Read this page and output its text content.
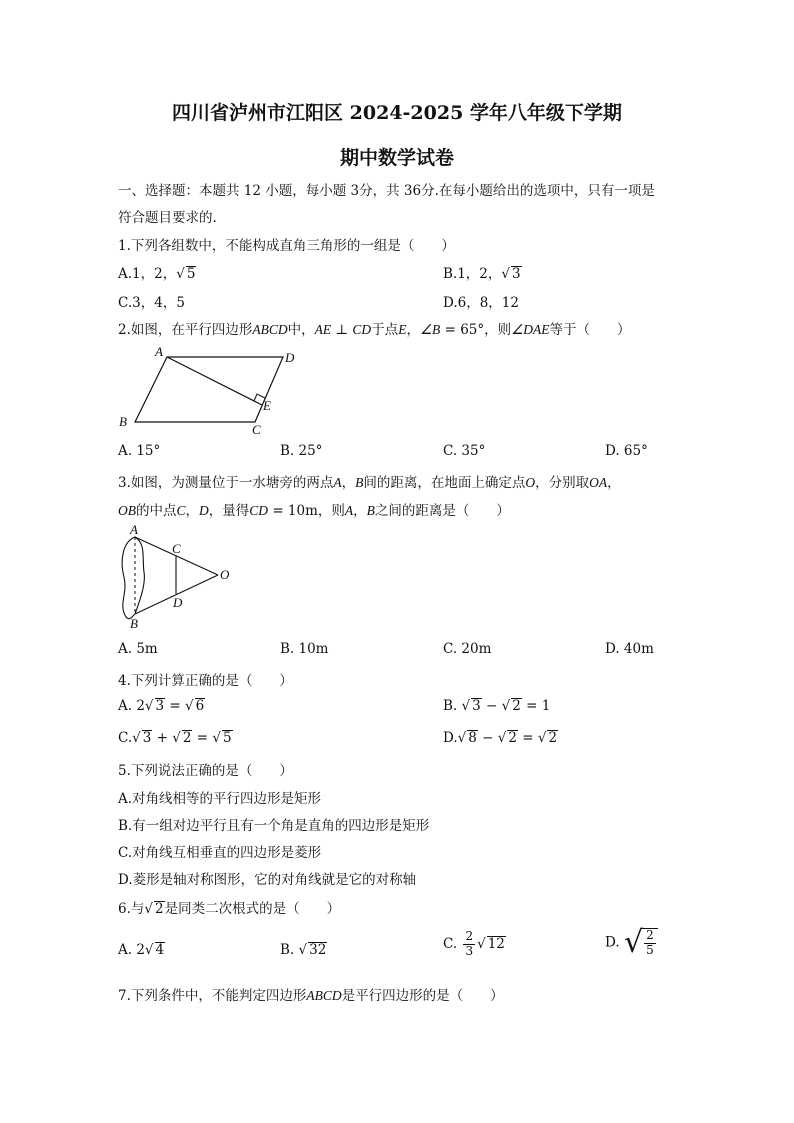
四川省泸州市江阳区 2024-2025 学年八年级下学期
期中数学试卷
一、选择题：本题共 12 小题，每小题 3分，共 36分.在每小题给出的选项中，只有一项是
符合题目要求的.
1.下列各组数中，不能构成直角三角形的一组是（　　）
A.1，2，√ 5	B.1，2，√ 3
C.3，4，5	D.6，8，12
2.如图，在平行四边形ABCD中，AE ⊥ CD于点E，∠B = 65°，则∠DAE等于（　　）
A	D
B
C
E
A. 15°	B. 25°	C. 35°	D. 65°
3.如图，为测量位于一水塘旁的两点A，B间的距离，在地面上确定点O，分别取OA，
OB的中点C，D，量得CD = 10m，则A，B之间的距离是（　　）
A
B
C
D
O
A. 5m	B. 10m	C. 20m	D. 40m
4.下列计算正确的是（　　）
A. 2√ 3 = √ 6	B. √ 3 − √ 2 = 1
C.√ 3 + √ 2 = √ 5	D.√ 8 − √ 2 = √ 2
5.下列说法正确的是（　　）
A.对角线相等的平行四边形是矩形
B.有一组对边平行且有一个角是直角的四边形是矩形
C.对角线互相垂直的四边形是菱形
D.菱形是轴对称图形，它的对角线就是它的对称轴
6.与√ 2是同类二次根式的是（　　）
A. 2√ 4	B. √ 32	C. $\frac{2}{3}$ √ 12	D. √ $\frac{2}{5}$
7.下列条件中，不能判定四边形ABCD是平行四边形的是（　　）
